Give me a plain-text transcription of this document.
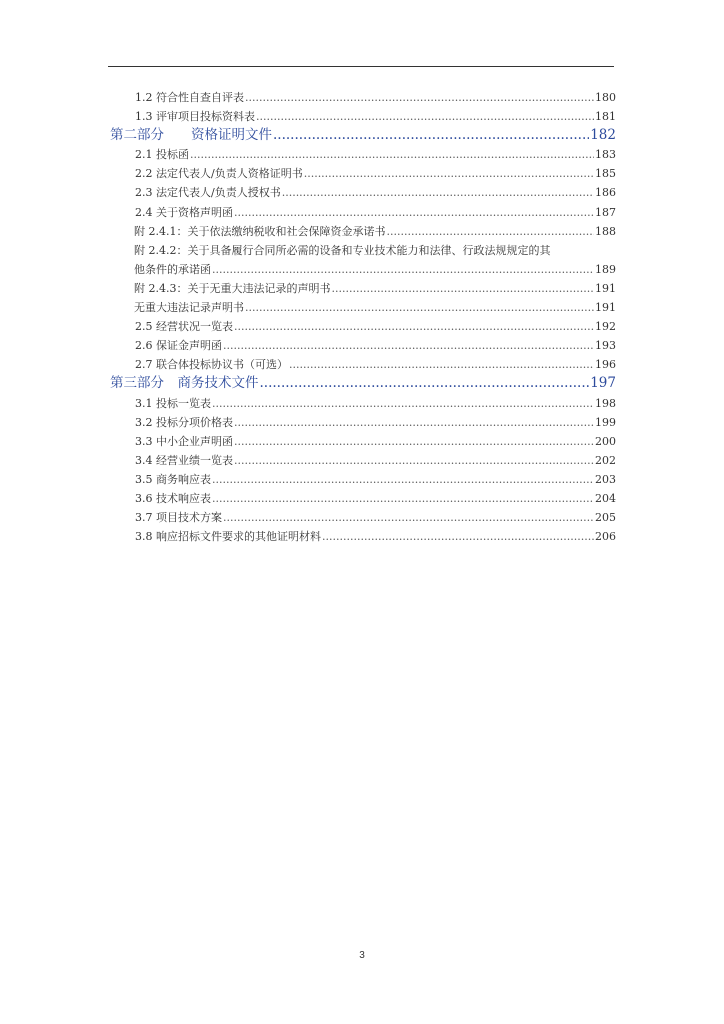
1.2 符合性自查自评表 .....	180
1.3 评审项目投标资料表 .....	181
第二部分　　资格证明文件 .....	182
2.1 投标函 .....	183
2.2 法定代表人/负责人资格证明书 .....	185
2.3 法定代表人/负责人授权书 .....	186
2.4 关于资格声明函 .....	187
附 2.4.1：关于依法缴纳税收和社会保障资金承诺书 .....	188
附 2.4.2：关于具备履行合同所必需的设备和专业技术能力和法律、行政法规规定的其
他条件的承诺函 .....	189
附 2.4.3：关于无重大违法记录的声明书 .....	191
无重大违法记录声明书 .....	191
2.5 经营状况一览表 .....	192
2.6 保证金声明函 .....	193
2.7 联合体投标协议书（可选） .....	196
第三部分　商务技术文件 .....	197
3.1 投标一览表 .....	198
3.2 投标分项价格表 .....	199
3.3 中小企业声明函 .....	200
3.4 经营业绩一览表 .....	202
3.5 商务响应表 .....	203
3.6 技术响应表 .....	204
3.7 项目技术方案 .....	205
3.8 响应招标文件要求的其他证明材料 .....	206
3
